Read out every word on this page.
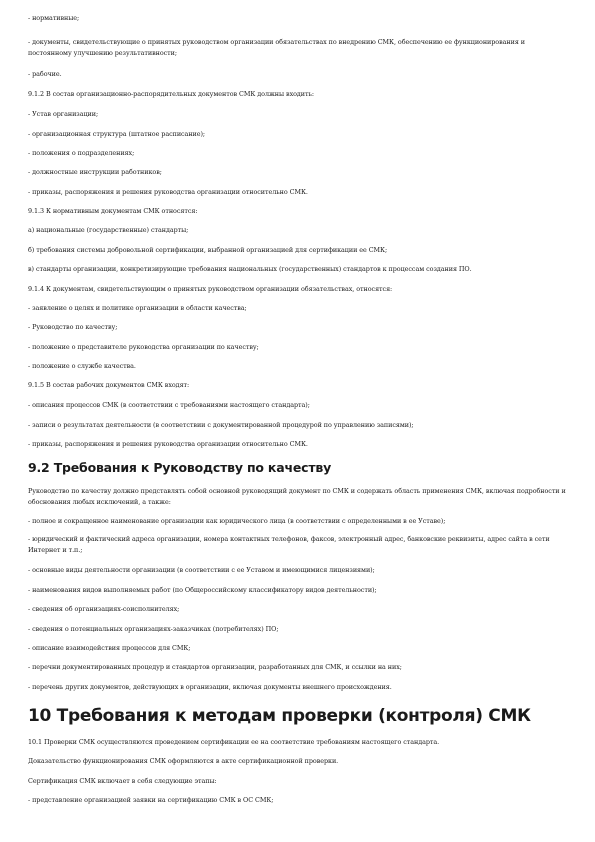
- нормативные;

- документы, свидетельствующие о принятых руководством организации обязательствах по внедрению СМК, обеспечению ее функционирования и постоянному улучшению результативности;

- рабочие.

9.1.2 В состав организационно-распорядительных документов СМК должны входить:

- Устав организации;

- организационная структура (штатное расписание);

- положения о подразделениях;

- должностные инструкции работников;

- приказы, распоряжения и решения руководства организации относительно СМК.

9.1.3 К нормативным документам СМК относятся:

а) национальные (государственные) стандарты;

б) требования системы добровольной сертификации, выбранной организацией для сертификации ее СМК;

в) стандарты организации, конкретизирующие требования национальных (государственных) стандартов к процессам создания ПО.

9.1.4 К документам, свидетельствующим о принятых руководством организации обязательствах, относятся:

- заявление о целях и политике организации в области качества;

- Руководство по качеству;

- положение о представителе руководства организации по качеству;

- положение о службе качества.

9.1.5 В состав рабочих документов СМК входят:

- описания процессов СМК (в соответствии с требованиями настоящего стандарта);

- записи о результатах деятельности (в соответствии с документированной процедурой по управлению записями);

- приказы, распоряжения и решения руководства организации относительно СМК.

9.2 Требования к Руководству по качеству

Руководство по качеству должно представлять собой основной руководящий документ по СМК и содержать область применения СМК, включая подробности и обоснования любых исключений, а также:

- полное и сокращенное наименование организации как юридического лица (в соответствии с определенными в ее Уставе);

- юридический и фактический адреса организации, номера контактных телефонов, факсов, электронный адрес, банковские реквизиты, адрес сайта в сети Интернет и т.п.;

- основные виды деятельности организации (в соответствии с ее Уставом и имеющимися лицензиями);

- наименования видов выполняемых работ (по Общероссийскому классификатору видов деятельности);

- сведения об организациях-соисполнителях;

- сведения о потенциальных организациях-заказчиках (потребителях) ПО;

- описание взаимодействия процессов для СМК;

- перечни документированных процедур и стандартов организации, разработанных для СМК, и ссылки на них;

- перечень других документов, действующих в организации, включая документы внешнего происхождения.

10 Требования к методам проверки (контроля) СМК

10.1 Проверки СМК осуществляются проведением сертификации ее на соответствие требованиям настоящего стандарта.

Доказательство функционирования СМК оформляются в акте сертификационной проверки.

Сертификация СМК включает в себя следующие этапы:

- представление организацией заявки на сертификацию СМК в ОС СМК;
